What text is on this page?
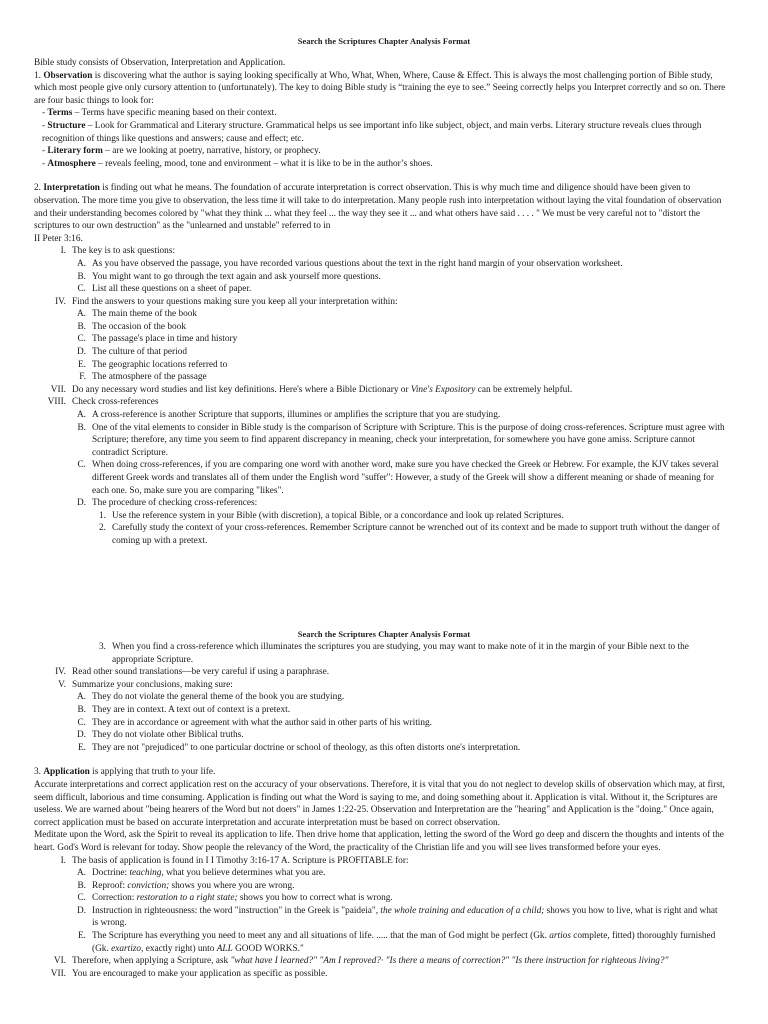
Search the Scriptures Chapter Analysis Format

Bible study consists of Observation, Interpretation and Application.

1. Observation is discovering what the author is saying looking specifically at Who, What, When, Where, Cause & Effect. This is always the most challenging portion of Bible study, which most people give only cursory attention to (unfortunately). The key to doing Bible study is “training the eye to see.” Seeing correctly helps you Interpret correctly and so on. There are four basic things to look for:

- Terms – Terms have specific meaning based on their context.

- Structure – Look for Grammatical and Literary structure. Grammatical helps us see important info like subject, object, and main verbs. Literary structure reveals clues through recognition of things like questions and answers; cause and effect; etc.

- Literary form – are we looking at poetry, narrative, history, or prophecy.

- Atmosphere – reveals feeling, mood, tone and environment – what it is like to be in the author’s shoes.

2. Interpretation is finding out what he means. The foundation of accurate interpretation is correct observation. This is why much time and diligence should have been given to observation. The more time you give to observation, the less time it will take to do interpretation. Many people rush into interpretation without laying the vital foundation of observation and their understanding becomes colored by "what they think ... what they feel ... the way they see it ... and what others have said . . . . " We must be very careful not to "distort the scriptures to our own destruction" as the "unlearned and unstable" referred to in

II Peter 3:16.

I. The key is to ask questions:
A. As you have observed the passage, you have recorded various questions about the text in the right hand margin of your observation worksheet.
B. You might want to go through the text again and ask yourself more questions.
C. List all these questions on a sheet of paper.
IV. Find the answers to your questions making sure you keep all your interpretation within:
A. The main theme of the book
B. The occasion of the book
C. The passage's place in time and history
D. The culture of that period
E. The geographic locations referred to
F. The atmosphere of the passage
VII. Do any necessary word studies and list key definitions. Here's where a Bible Dictionary or Vine's Expository can be extremely helpful.
VIII. Check cross-references
A. A cross-reference is another Scripture that supports, illumines or amplifies the scripture that you are studying.
B. One of the vital elements to consider in Bible study is the comparison of Scripture with Scripture. This is the purpose of doing cross-references. Scripture must agree with Scripture; therefore, any time you seem to find apparent discrepancy in meaning, check your interpretation, for somewhere you have gone amiss. Scripture cannot contradict Scripture.
C. When doing cross-references, if you are comparing one word with another word, make sure you have checked the Greek or Hebrew. For example, the KJV takes several different Greek words and translates all of them under the English word "suffer": However, a study of the Greek will show a different meaning or shade of meaning for each one. So, make sure you are comparing "likes".
D. The procedure of checking cross-references:
1. Use the reference system in your Bible (with discretion), a topical Bible, or a concordance and look up related Scriptures.
2. Carefully study the context of your cross-references. Remember Scripture cannot be wrenched out of its context and be made to support truth without the danger of coming up with a pretext.
Search the Scriptures Chapter Analysis Format
3. When you find a cross-reference which illuminates the scriptures you are studying, you may want to make note of it in the margin of your Bible next to the appropriate Scripture.
IV. Read other sound translations—be very careful if using a paraphrase.
V. Summarize your conclusions, making sure:
A. They do not violate the general theme of the book you are studying.
B. They are in context. A text out of context is a pretext.
C. They are in accordance or agreement with what the author said in other parts of his writing.
D. They do not violate other Biblical truths.
E. They are not "prejudiced" to one particular doctrine or school of theology, as this often distorts one's interpretation.

3. Application is applying that truth to your life.

Accurate interpretations and correct application rest on the accuracy of your observations. Therefore, it is vital that you do not neglect to develop skills of observation which may, at first, seem difficult, laborious and time consuming. Application is finding out what the Word is saying to me, and doing something about it. Application is vital. Without it, the Scriptures are useless. We are warned about "being hearers of the Word but not doers" in James 1:22-25. Observation and Interpretation are the "hearing" and Application is the "doing." Once again, correct application must be based on accurate interpretation and accurate interpretation must be based on correct observation.

Meditate upon the Word, ask the Spirit to reveal its application to life. Then drive home that application, letting the sword of the Word go deep and discern the thoughts and intents of the heart. God's Word is relevant for today. Show people the relevancy of the Word, the practicality of the Christian life and you will see lives transformed before your eyes.

I. The basis of application is found in I I Timothy 3:16-17 A. Scripture is PROFITABLE for:
A. Doctrine: teaching, what you believe determines what you are.
B. Reproof: conviction; shows you where you are wrong.
C. Correction: restoration to a right state; shows you how to correct what is wrong.
D. Instruction in righteousness: the word "instruction" in the Greek is "paideia", the whole training and education of a child; shows you how to live, what is right and what is wrong.
E. The Scripture has everything you need to meet any and all situations of life. ..... that the man of God might be perfect (Gk. artios complete, fitted) thoroughly furnished (Gk. exartizo, exactly right) unto ALL GOOD WORKS."
VI. Therefore, when applying a Scripture, ask "what have I learned?" "Am I reproved?· "Is there a means of correction?" "Is there instruction for righteous living?"
VII. You are encouraged to make your application as specific as possible.
